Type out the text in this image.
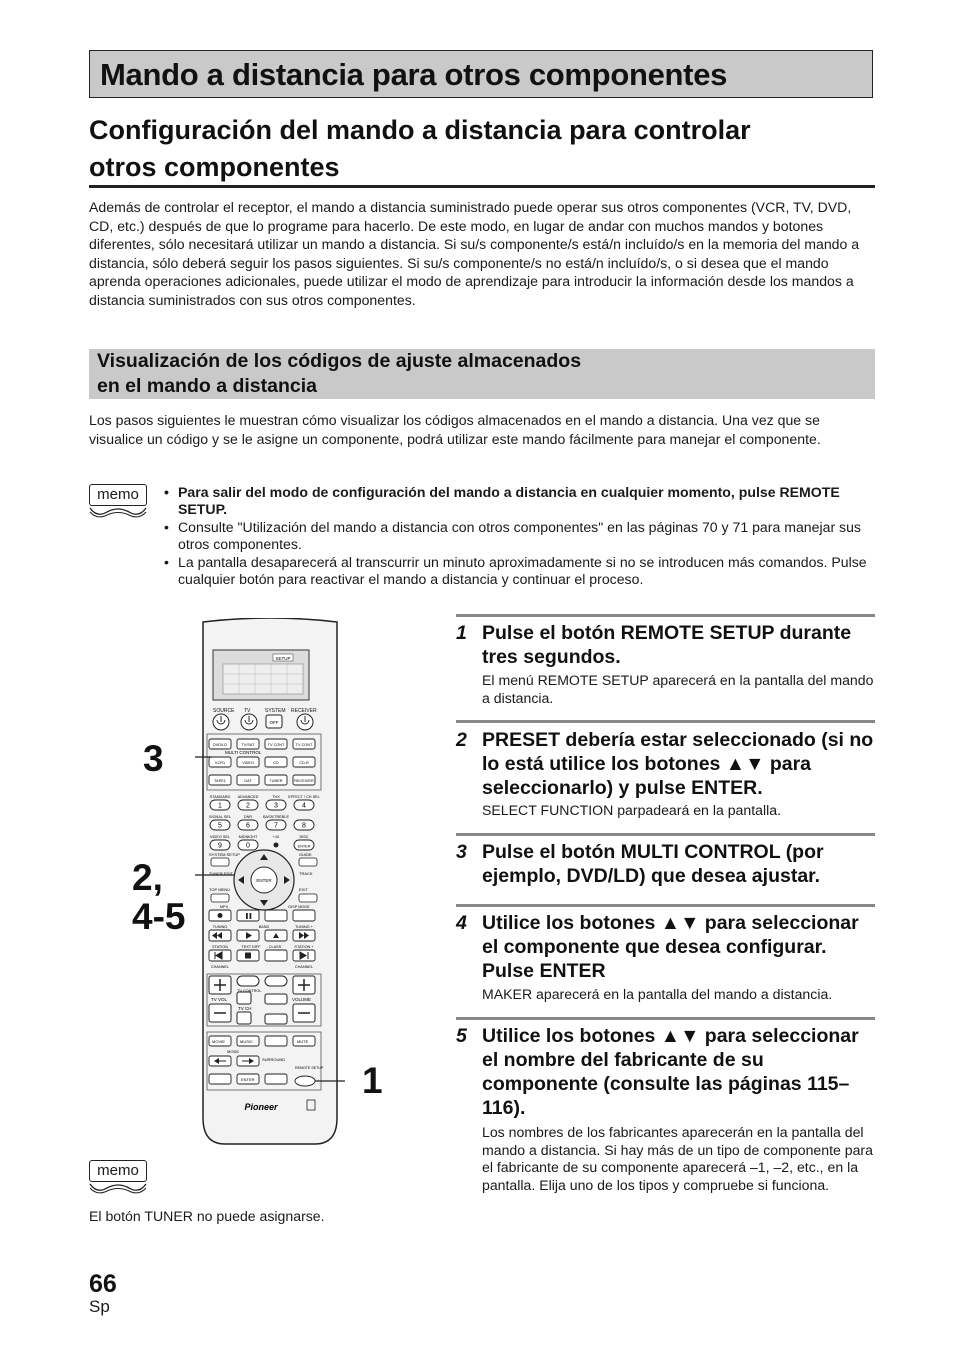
Mando a distancia para otros componentes
Configuración del mando a distancia para controlar
otros componentes

Además de controlar el receptor, el mando a distancia suministrado puede operar sus otros componentes (VCR, TV, DVD, CD, etc.) después de que lo programe para hacerlo. De este modo, en lugar de andar con muchos mandos y botones diferentes, sólo necesitará utilizar un mando a distancia. Si su/s componente/s está/n incluído/s en la memoria del mando a distancia, sólo deberá seguir los pasos siguientes. Si su/s componente/s no está/n incluído/s, o si desea que el mando aprenda operaciones adicionales, puede utilizar el modo de aprendizaje para introducir la información desde los mandos a distancia suministrados con sus otros componentes.

Visualización de los códigos de ajuste almacenados
en el mando a distancia

Los pasos siguientes le muestran cómo visualizar los códigos almacenados en el mando a distancia. Una vez que se visualice un código y se le asigne un componente, podrá utilizar este mando fácilmente para manejar el componente.

memo	• Para salir del modo de configuración del mando a distancia en cualquier momento, pulse REMOTE SETUP.
• Consulte "Utilización del mando a distancia con otros componentes" en las páginas 70 y 71 para manejar sus otros componentes.
• La pantalla desaparecerá al transcurrir un minuto aproximadamente si no se introducen más comandos. Pulse cualquier botón para reactivar el mando a distancia y continuar el proceso.
SETUP
SOURCE TV	SYSTEM RECEIVER
OFF
DVD/LD	TV/SAT	TV CONT	TV CONT
VCR1	VIDEO	CD	CD-R
TAPE1	DAT	TUNER	RECEIVER
MULTI CONTROL
STANDARD ADVANCED	THX EFFECT / CH SEL
1	2	3	4
SIGNAL SEL	DNR	BASS/TREBLE
5	6	7	8
VIDEO SEL MIDNIGHT	+10	DISC
9	0	ENTER
ENTER
SYSTEM SETUP	GUIDE
TUNER EDIT	TRACK
EXIT
TOP MENU
MPX	DISP MODE
TUNING	BAND	TUNING +
STATION	TEXT DIFF CLASS	STATION +
CHANNEL	CHANNEL
TV VOL
TV CONTROL
TV CH
VOLUME
MOVIE	MUSIC	MUTE
MODE
SURROUND
REMOTE SETUP
ENTER
Pioneer
3
2,
4-5
1
memo
El botón TUNER no puede asignarse.
1 Pulse el botón REMOTE SETUP durante tres segundos.
El menú REMOTE SETUP aparecerá en la pantalla del mando a distancia.
2 PRESET debería estar seleccionado (si no lo está utilice los botones ▲▼ para seleccionarlo) y pulse ENTER.
SELECT FUNCTION parpadeará en la pantalla.
3 Pulse el botón MULTI CONTROL (por ejemplo, DVD/LD) que desea ajustar.
4 Utilice los botones ▲▼ para seleccionar el componente que desea configurar. Pulse ENTER
MAKER aparecerá en la pantalla del mando a distancia.
5 Utilice los botones ▲▼ para seleccionar el nombre del fabricante de su componente (consulte las páginas 115–116).
Los nombres de los fabricantes aparecerán en la pantalla del mando a distancia. Si hay más de un tipo de componente para el fabricante de su componente aparecerá –1, –2, etc., en la pantalla. Elija uno de los tipos y compruebe si funciona.
66
Sp
